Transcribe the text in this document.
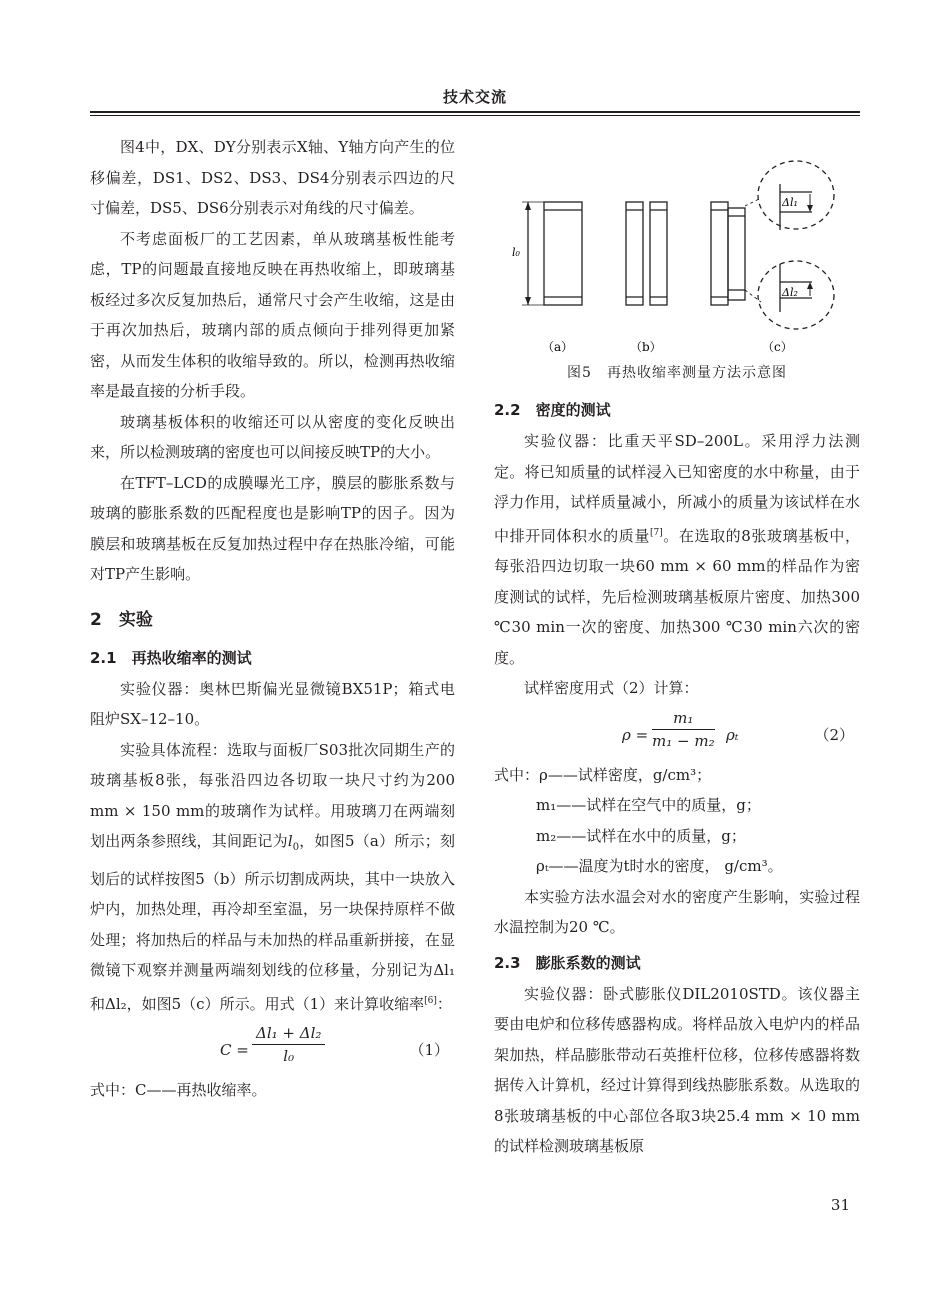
技术交流

图4中，DX、DY分别表示X轴、Y轴方向产生的位移偏差，DS1、DS2、DS3、DS4分别表示四边的尺寸偏差，DS5、DS6分别表示对角线的尺寸偏差。

不考虑面板厂的工艺因素，单从玻璃基板性能考虑，TP的问题最直接地反映在再热收缩上，即玻璃基板经过多次反复加热后，通常尺寸会产生收缩，这是由于再次加热后，玻璃内部的质点倾向于排列得更加紧密，从而发生体积的收缩导致的。所以，检测再热收缩率是最直接的分析手段。

玻璃基板体积的收缩还可以从密度的变化反映出来，所以检测玻璃的密度也可以间接反映TP的大小。

在TFT–LCD的成膜曝光工序，膜层的膨胀系数与玻璃的膨胀系数的匹配程度也是影响TP的因子。因为膜层和玻璃基板在反复加热过程中存在热胀冷缩，可能对TP产生影响。

2　实验
2.1　再热收缩率的测试

实验仪器：奥林巴斯偏光显微镜BX51P；箱式电阻炉SX–12–10。

实验具体流程：选取与面板厂S03批次同期生产的玻璃基板8张，每张沿四边各切取一块尺寸约为200 mm × 150 mm的玻璃作为试样。用玻璃刀在两端刻划出两条参照线，其间距记为$l_0$，如图5（a）所示；刻划后的试样按图5（b）所示切割成两块，其中一块放入炉内，加热处理，再冷却至室温，另一块保持原样不做处理；将加热后的样品与未加热的样品重新拼接，在显微镜下观察并测量两端刻划线的位移量，分别记为Δl₁和Δl₂，如图5（c）所示。用式（1）来计算收缩率[6]：

$C = \frac{\text{Δl₁ + Δl₂}}{\text{l₀}}$	（1）

式中：C——再热收缩率。

l₀
Δl₁
Δl₂
（a）	（b）	（c）
图5　再热收缩率测量方法示意图
2.2　密度的测试

实验仪器：比重天平SD–200L。采用浮力法测定。将已知质量的试样浸入已知密度的水中称量，由于浮力作用，试样质量减小，所减小的质量为该试样在水中排开同体积水的质量[7]。在选取的8张玻璃基板中，每张沿四边切取一块60 mm × 60 mm的样品作为密度测试的试样，先后检测玻璃基板原片密度、加热300 ℃30 min一次的密度、加热300 ℃30 min六次的密度。

试样密度用式（2）计算：

$\rho = \frac{\text{m₁}}{\text{m₁ − m₂}}$ ρₜ	（2）

式中：ρ——试样密度，g/cm³；

m₁——试样在空气中的质量，g；

m₂——试样在水中的质量，g；

ρₜ——温度为t时水的密度， g/cm³。

本实验方法水温会对水的密度产生影响，实验过程水温控制为20 ℃。

2.3　膨胀系数的测试

实验仪器：卧式膨胀仪DIL2010STD。该仪器主要由电炉和位移传感器构成。将样品放入电炉内的样品架加热，样品膨胀带动石英推杆位移，位移传感器将数据传入计算机，经过计算得到线热膨胀系数。从选取的8张玻璃基板的中心部位各取3块25.4 mm × 10 mm的试样检测玻璃基板原

31
